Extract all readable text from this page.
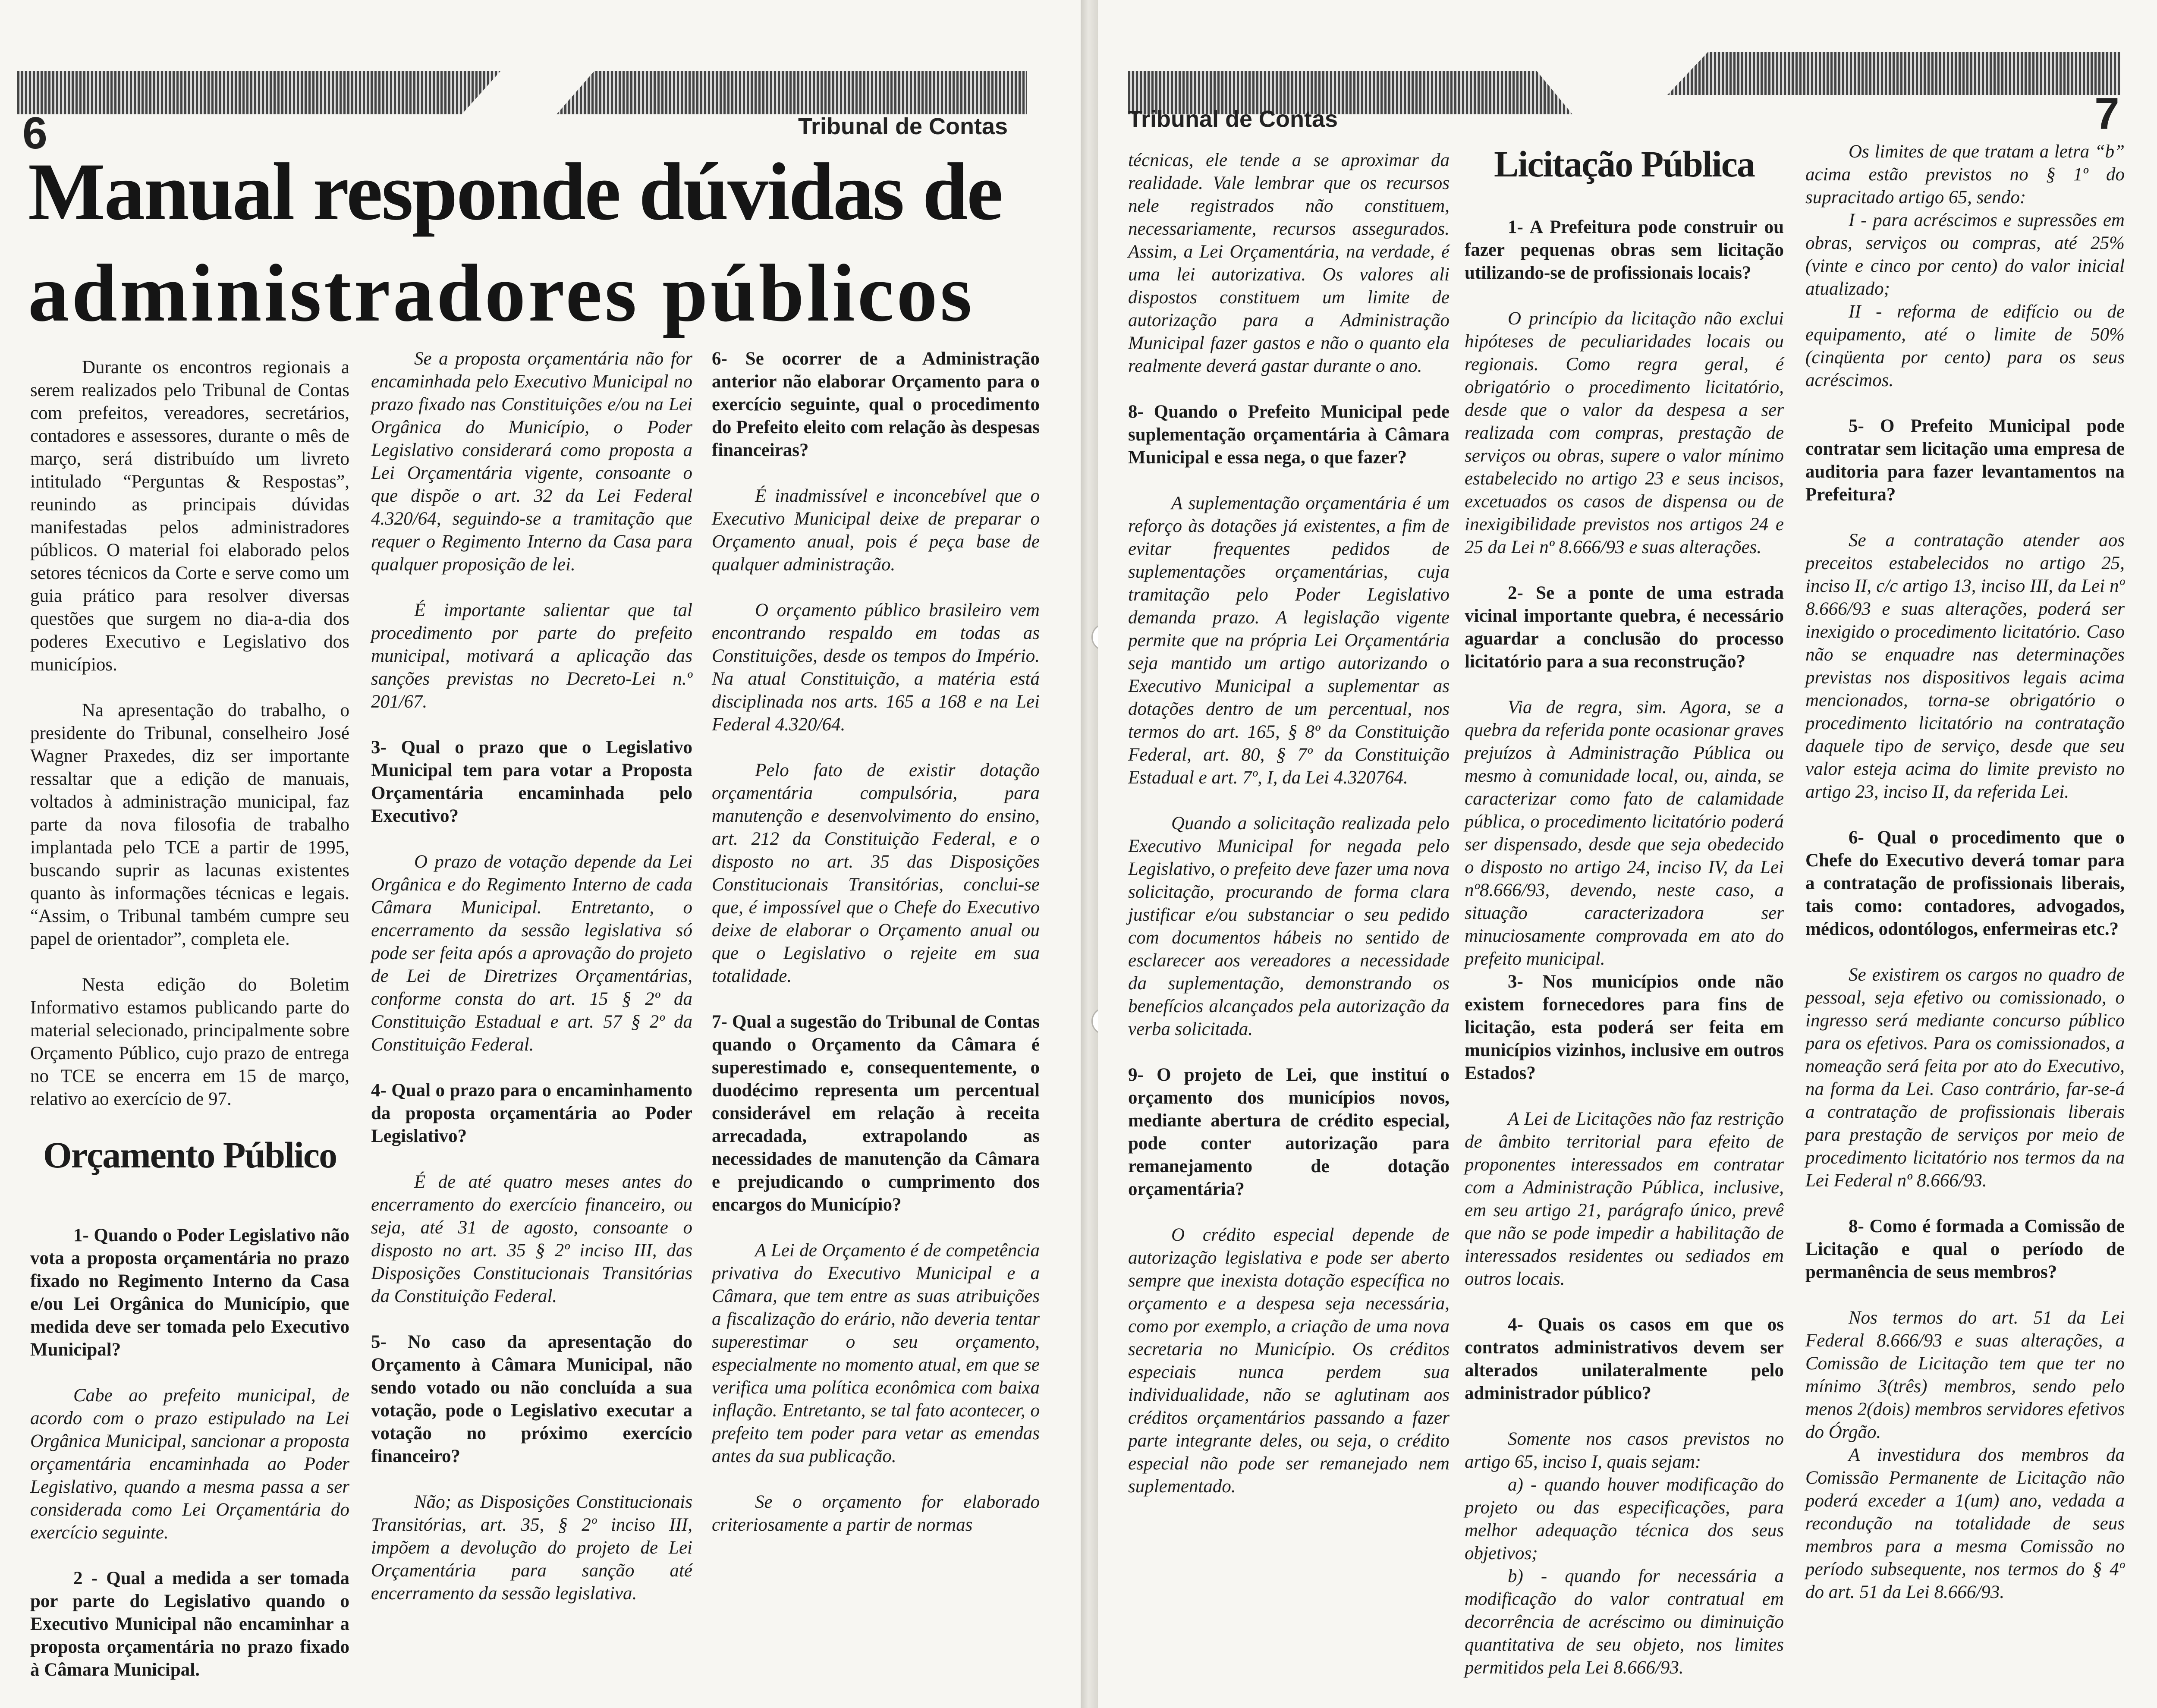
6	Tribunal de Contas
Manual responde dúvidas de
administradores públicos

Durante os encontros regionais a serem realizados pelo Tribunal de Contas com prefeitos, vereadores, secretários, contadores e assessores, durante o mês de março, será distribuído um livreto intitulado “Perguntas & Respostas”, reunindo as principais dúvidas manifestadas pelos administradores públicos. O material foi elaborado pelos setores técnicos da Corte e serve como um guia prático para resolver diversas questões que surgem no dia-a-dia dos poderes Executivo e Legislativo dos municípios.

Na apresentação do trabalho, o presidente do Tribunal, conselheiro José Wagner Praxedes, diz ser importante ressaltar que a edição de manuais, voltados à administração municipal, faz parte da nova filosofia de trabalho implantada pelo TCE a partir de 1995, buscando suprir as lacunas existentes quanto às informações técnicas e legais. “Assim, o Tribunal também cumpre seu papel de orientador”, completa ele.

Nesta edição do Boletim Informativo estamos publicando parte do material selecionado, principalmente sobre Orçamento Público, cujo prazo de entrega no TCE se encerra em 15 de março, relativo ao exercício de 97.

Orçamento Público

1- Quando o Poder Legislativo não vota a proposta orçamentária no prazo fixado no Regimento Interno da Casa e/ou Lei Orgânica do Município, que medida deve ser tomada pelo Executivo Municipal?

Cabe ao prefeito municipal, de acordo com o prazo estipulado na Lei Orgânica Municipal, sancionar a proposta orçamentária encaminhada ao Poder Legislativo, quando a mesma passa a ser considerada como Lei Orçamentária do exercício seguinte.

2 - Qual a medida a ser tomada por parte do Legislativo quando o Executivo Municipal não encaminhar a proposta orçamentária no prazo fixado à Câmara Municipal.

Se a proposta orçamentária não for encaminhada pelo Executivo Municipal no prazo fixado nas Constituições e/ou na Lei Orgânica do Município, o Poder Legislativo considerará como proposta a Lei Orçamentária vigente, consoante o que dispõe o art. 32 da Lei Federal 4.320/64, seguindo-se a tramitação que requer o Regimento Interno da Casa para qualquer proposição de lei.

É importante salientar que tal procedimento por parte do prefeito municipal, motivará a aplicação das sanções previstas no Decreto-Lei n.º 201/67.

3- Qual o prazo que o Legislativo Municipal tem para votar a Proposta Orçamentária encaminhada pelo Executivo?

O prazo de votação depende da Lei Orgânica e do Regimento Interno de cada Câmara Municipal. Entretanto, o encerramento da sessão legislativa só pode ser feita após a aprovação do projeto de Lei de Diretrizes Orçamentárias, conforme consta do art. 15 § 2º da Constituição Estadual e art. 57 § 2º da Constituição Federal.

4- Qual o prazo para o encaminhamento da proposta orçamentária ao Poder Legislativo?

É de até quatro meses antes do encerramento do exercício financeiro, ou seja, até 31 de agosto, consoante o disposto no art. 35 § 2º inciso III, das Disposições Constitucionais Transitórias da Constituição Federal.

5- No caso da apresentação do Orçamento à Câmara Municipal, não sendo votado ou não concluída a sua votação, pode o Legislativo executar a votação no próximo exercício financeiro?

Não; as Disposições Constitucionais Transitórias, art. 35, § 2º inciso III, impõem a devolução do projeto de Lei Orçamentária para sanção até encerramento da sessão legislativa.

6- Se ocorrer de a Administração anterior não elaborar Orçamento para o exercício seguinte, qual o procedimento do Prefeito eleito com relação às despesas financeiras?

É inadmissível e inconcebível que o Executivo Municipal deixe de preparar o Orçamento anual, pois é peça base de qualquer administração.

O orçamento público brasileiro vem encontrando respaldo em todas as Constituições, desde os tempos do Império. Na atual Constituição, a matéria está disciplinada nos arts. 165 a 168 e na Lei Federal 4.320/64.

Pelo fato de existir dotação orçamentária compulsória, para manutenção e desenvolvimento do ensino, art. 212 da Constituição Federal, e o disposto no art. 35 das Disposições Constitucionais Transitórias, conclui-se que, é impossível que o Chefe do Executivo deixe de elaborar o Orçamento anual ou que o Legislativo o rejeite em sua totalidade.

7- Qual a sugestão do Tribunal de Contas quando o Orçamento da Câmara é superestimado e, consequentemente, o duodécimo representa um percentual considerável em relação à receita arrecadada, extrapolando as necessidades de manutenção da Câmara e prejudicando o cumprimento dos encargos do Município?

A Lei de Orçamento é de competência privativa do Executivo Municipal e a Câmara, que tem entre as suas atribuições a fiscalização do erário, não deveria tentar superestimar o seu orçamento, especialmente no momento atual, em que se verifica uma política econômica com baixa inflação. Entretanto, se tal fato acontecer, o prefeito tem poder para vetar as emendas antes da sua publicação.

Se o orçamento for elaborado criteriosamente a partir de normas

Tribunal de Contas	7

técnicas, ele tende a se aproximar da realidade. Vale lembrar que os recursos nele registrados não constituem, necessariamente, recursos assegurados. Assim, a Lei Orçamentária, na verdade, é uma lei autorizativa. Os valores ali dispostos constituem um limite de autorização para a Administração Municipal fazer gastos e não o quanto ela realmente deverá gastar durante o ano.

8- Quando o Prefeito Municipal pede suplementação orçamentária à Câmara Municipal e essa nega, o que fazer?

A suplementação orçamentária é um reforço às dotações já existentes, a fim de evitar frequentes pedidos de suplementações orçamentárias, cuja tramitação pelo Poder Legislativo demanda prazo. A legislação vigente permite que na própria Lei Orçamentária seja mantido um artigo autorizando o Executivo Municipal a suplementar as dotações dentro de um percentual, nos termos do art. 165, § 8º da Constituição Federal, art. 80, § 7º da Constituição Estadual e art. 7º, I, da Lei 4.320764.

Quando a solicitação realizada pelo Executivo Municipal for negada pelo Legislativo, o prefeito deve fazer uma nova solicitação, procurando de forma clara justificar e/ou substanciar o seu pedido com documentos hábeis no sentido de esclarecer aos vereadores a necessidade da suplementação, demonstrando os benefícios alcançados pela autorização da verba solicitada.

9- O projeto de Lei, que instituí o orçamento dos municípios novos, mediante abertura de crédito especial, pode conter autorização para remanejamento de dotação orçamentária?

O crédito especial depende de autorização legislativa e pode ser aberto sempre que inexista dotação específica no orçamento e a despesa seja necessária, como por exemplo, a criação de uma nova secretaria no Município. Os créditos especiais nunca perdem sua individualidade, não se aglutinam aos créditos orçamentários passando a fazer parte integrante deles, ou seja, o crédito especial não pode ser remanejado nem suplementado.

Licitação Pública

1- A Prefeitura pode construir ou fazer pequenas obras sem licitação utilizando-se de profissionais locais?

O princípio da licitação não exclui hipóteses de peculiaridades locais ou regionais. Como regra geral, é obrigatório o procedimento licitatório, desde que o valor da despesa a ser realizada com compras, prestação de serviços ou obras, supere o valor mínimo estabelecido no artigo 23 e seus incisos, excetuados os casos de dispensa ou de inexigibilidade previstos nos artigos 24 e 25 da Lei nº 8.666/93 e suas alterações.

2- Se a ponte de uma estrada vicinal importante quebra, é necessário aguardar a conclusão do processo licitatório para a sua reconstrução?

Via de regra, sim. Agora, se a quebra da referida ponte ocasionar graves prejuízos à Administração Pública ou mesmo à comunidade local, ou, ainda, se caracterizar como fato de calamidade pública, o procedimento licitatório poderá ser dispensado, desde que seja obedecido o disposto no artigo 24, inciso IV, da Lei nº8.666/93, devendo, neste caso, a situação caracterizadora ser minuciosamente comprovada em ato do prefeito municipal.

3- Nos municípios onde não existem fornecedores para fins de licitação, esta poderá ser feita em municípios vizinhos, inclusive em outros Estados?

A Lei de Licitações não faz restrição de âmbito territorial para efeito de proponentes interessados em contratar com a Administração Pública, inclusive, em seu artigo 21, parágrafo único, prevê que não se pode impedir a habilitação de interessados residentes ou sediados em outros locais.

4- Quais os casos em que os contratos administrativos devem ser alterados unilateralmente pelo administrador público?

Somente nos casos previstos no artigo 65, inciso I, quais sejam:

a) - quando houver modificação do projeto ou das especificações, para melhor adequação técnica dos seus objetivos;

b) - quando for necessária a modificação do valor contratual em decorrência de acréscimo ou diminuição quantitativa de seu objeto, nos limites permitidos pela Lei 8.666/93.

Os limites de que tratam a letra “b” acima estão previstos no § 1º do supracitado artigo 65, sendo:

I - para acréscimos e supressões em obras, serviços ou compras, até 25% (vinte e cinco por cento) do valor inicial atualizado;

II - reforma de edifício ou de equipamento, até o limite de 50% (cinqüenta por cento) para os seus acréscimos.

5- O Prefeito Municipal pode contratar sem licitação uma empresa de auditoria para fazer levantamentos na Prefeitura?

Se a contratação atender aos preceitos estabelecidos no artigo 25, inciso II, c/c artigo 13, inciso III, da Lei nº 8.666/93 e suas alterações, poderá ser inexigido o procedimento licitatório. Caso não se enquadre nas determinações previstas nos dispositivos legais acima mencionados, torna-se obrigatório o procedimento licitatório na contratação daquele tipo de serviço, desde que seu valor esteja acima do limite previsto no artigo 23, inciso II, da referida Lei.

6- Qual o procedimento que o Chefe do Executivo deverá tomar para a contratação de profissionais liberais, tais como: contadores, advogados, médicos, odontólogos, enfermeiras etc.?

Se existirem os cargos no quadro de pessoal, seja efetivo ou comissionado, o ingresso será mediante concurso público para os efetivos. Para os comissionados, a nomeação será feita por ato do Executivo, na forma da Lei. Caso contrário, far-se-á a contratação de profissionais liberais para prestação de serviços por meio de procedimento licitatório nos termos da na Lei Federal nº 8.666/93.

8- Como é formada a Comissão de Licitação e qual o período de permanência de seus membros?

Nos termos do art. 51 da Lei Federal 8.666/93 e suas alterações, a Comissão de Licitação tem que ter no mínimo 3(três) membros, sendo pelo menos 2(dois) membros servidores efetivos do Órgão.

A investidura dos membros da Comissão Permanente de Licitação não poderá exceder a 1(um) ano, vedada a recondução na totalidade de seus membros para a mesma Comissão no período subsequente, nos termos do § 4º do art. 51 da Lei 8.666/93.
